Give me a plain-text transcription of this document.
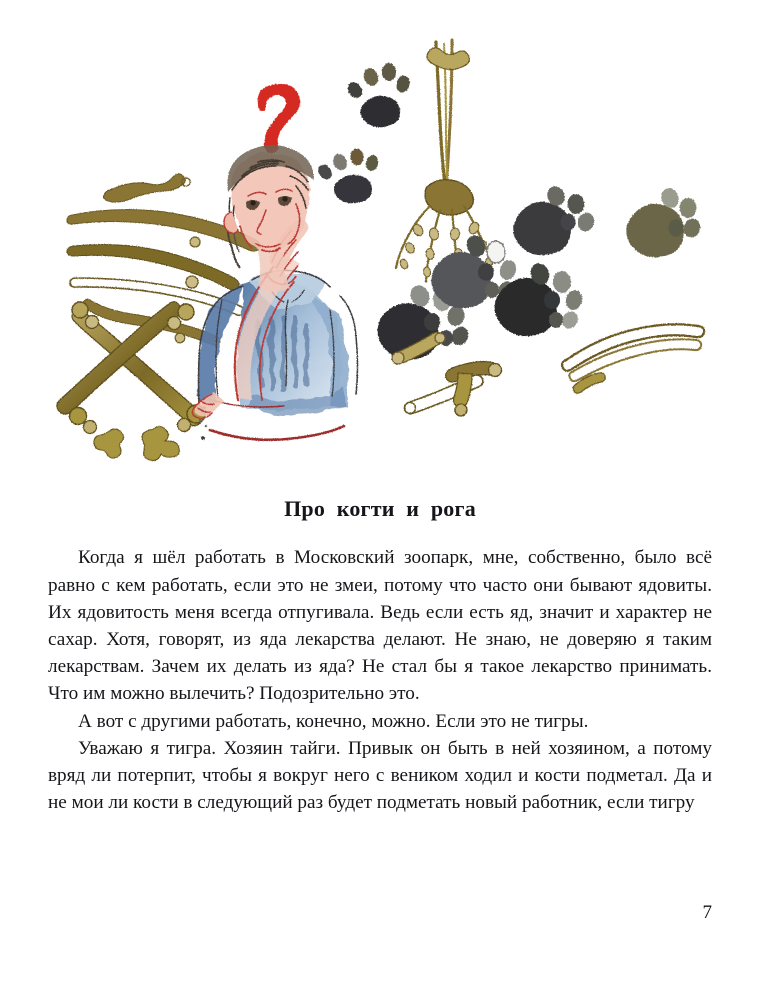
Про когти и рога

Когда я шёл работать в Московский зоопарк, мне, собственно, было всё равно с кем работать, если это не змеи, потому что часто они бывают ядовиты. Их ядовитость меня всегда отпугивала. Ведь если есть яд, значит и характер не сахар. Хотя, говорят, из яда лекарства делают. Не знаю, не доверяю я таким лекарствам. Зачем их делать из яда? Не стал бы я такое лекарство принимать. Что им можно вылечить? Подозрительно это.

А вот с другими работать, конечно, можно. Если это не тигры.

Уважаю я тигра. Хозяин тайги. Привык он быть в ней хозяином, а потому вряд ли потерпит, чтобы я вокруг него с веником ходил и кости подметал. Да и не мои ли кости в следующий раз будет подметать новый работник, если тигру

7
